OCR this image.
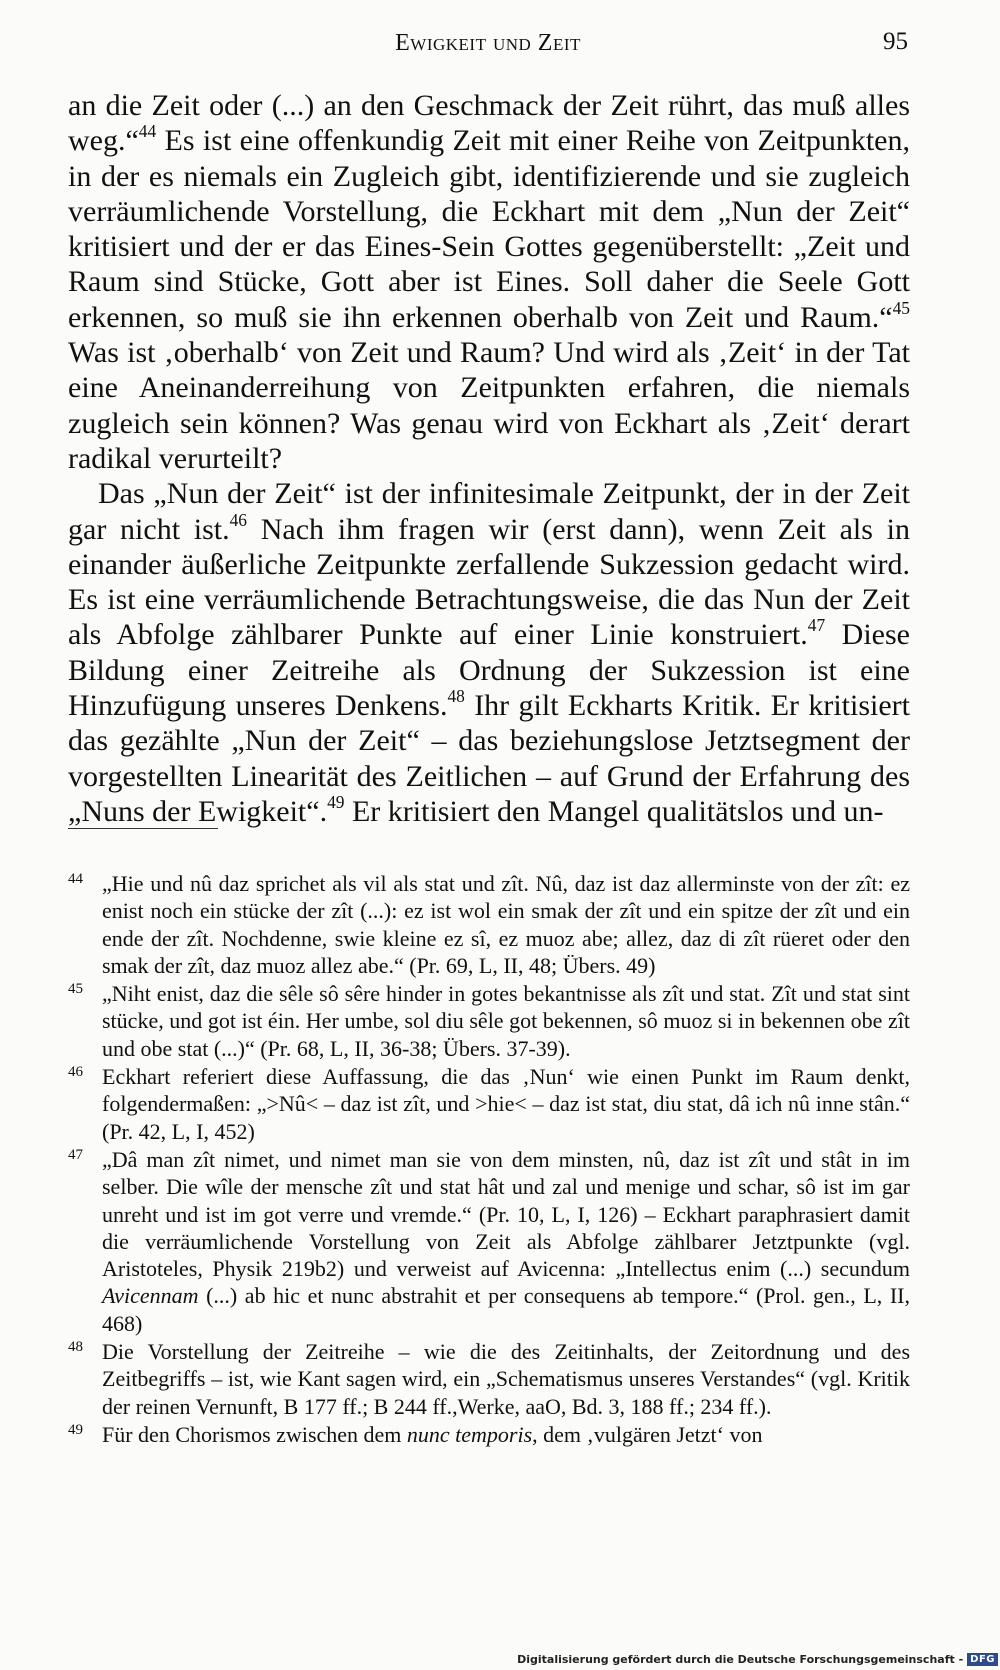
Ewigkeit und Zeit	95

an die Zeit oder (...) an den Geschmack der Zeit rührt, das muß alles weg.“$^{44}$ Es ist eine offenkundig Zeit mit einer Reihe von Zeitpunkten, in der es niemals ein Zugleich gibt, identifizierende und sie zugleich verräumlichende Vorstellung, die Eckhart mit dem „Nun der Zeit“ kritisiert und der er das Eines-Sein Gottes gegenüberstellt: „Zeit und Raum sind Stücke, Gott aber ist Eines. Soll daher die Seele Gott erkennen, so muß sie ihn erkennen oberhalb von Zeit und Raum.“$^{45}$ Was ist ‚oberhalb‘ von Zeit und Raum? Und wird als ‚Zeit‘ in der Tat eine Aneinanderreihung von Zeitpunkten erfahren, die niemals zugleich sein können? Was genau wird von Eckhart als ‚Zeit‘ derart radikal verurteilt?

Das „Nun der Zeit“ ist der infinitesimale Zeitpunkt, der in der Zeit gar nicht ist.$^{46}$ Nach ihm fragen wir (erst dann), wenn Zeit als in einander äußerliche Zeitpunkte zerfallende Sukzession gedacht wird. Es ist eine verräumlichende Betrachtungsweise, die das Nun der Zeit als Abfolge zählbarer Punkte auf einer Linie konstruiert.$^{47}$ Diese Bildung einer Zeitreihe als Ordnung der Sukzession ist eine Hinzufügung unseres Denkens.$^{48}$ Ihr gilt Eckharts Kritik. Er kritisiert das gezählte „Nun der Zeit“ – das beziehungslose Jetztsegment der vorgestellten Linearität des Zeitlichen – auf Grund der Erfahrung des „Nuns der Ewigkeit“.$^{49}$ Er kritisiert den Mangel qualitätslos und un-

44 „Hie und nû daz sprichet als vil als stat und zît. Nû, daz ist daz allerminste von der zît: ez enist noch ein stücke der zît (...): ez ist wol ein smak der zît und ein spitze der zît und ein ende der zît. Nochdenne, swie kleine ez sî, ez muoz abe; allez, daz di zît rüeret oder den smak der zît, daz muoz allez abe.“ (Pr. 69, L, II, 48; Übers. 49)
45 „Niht enist, daz die sêle sô sêre hinder in gotes bekantnisse als zît und stat. Zît und stat sint stücke, und got ist éin. Her umbe, sol diu sêle got bekennen, sô muoz si in bekennen obe zît und obe stat (...)“ (Pr. 68, L, II, 36-38; Übers. 37-39).
46 Eckhart referiert diese Auffassung, die das ‚Nun‘ wie einen Punkt im Raum denkt, folgendermaßen: „>Nû< – daz ist zît, und >hie< – daz ist stat, diu stat, dâ ich nû inne stân.“ (Pr. 42, L, I, 452)
47 „Dâ man zît nimet, und nimet man sie von dem minsten, nû, daz ist zît und stât in im selber. Die wîle der mensche zît und stat hât und zal und menige und schar, sô ist im gar unreht und ist im got verre und vremde.“ (Pr. 10, L, I, 126) – Eckhart paraphrasiert damit die verräumlichende Vorstellung von Zeit als Abfolge zählbarer Jetztpunkte (vgl. Aristoteles, Physik 219b2) und verweist auf Avicenna: „Intellectus enim (...) secundum Avicennam (...) ab hic et nunc abstrahit et per consequens ab tempore.“ (Prol. gen., L, II, 468)
48 Die Vorstellung der Zeitreihe – wie die des Zeitinhalts, der Zeitordnung und des Zeitbegriffs – ist, wie Kant sagen wird, ein „Schematismus unseres Verstandes“ (vgl. Kritik der reinen Vernunft, B 177 ff.; B 244 ff.,Werke, aaO, Bd. 3, 188 ff.; 234 ff.).
49 Für den Chorismos zwischen dem nunc temporis, dem ‚vulgären Jetzt‘ von
Digitalisierung gefördert durch die Deutsche Forschungsgemeinschaft - DFG
